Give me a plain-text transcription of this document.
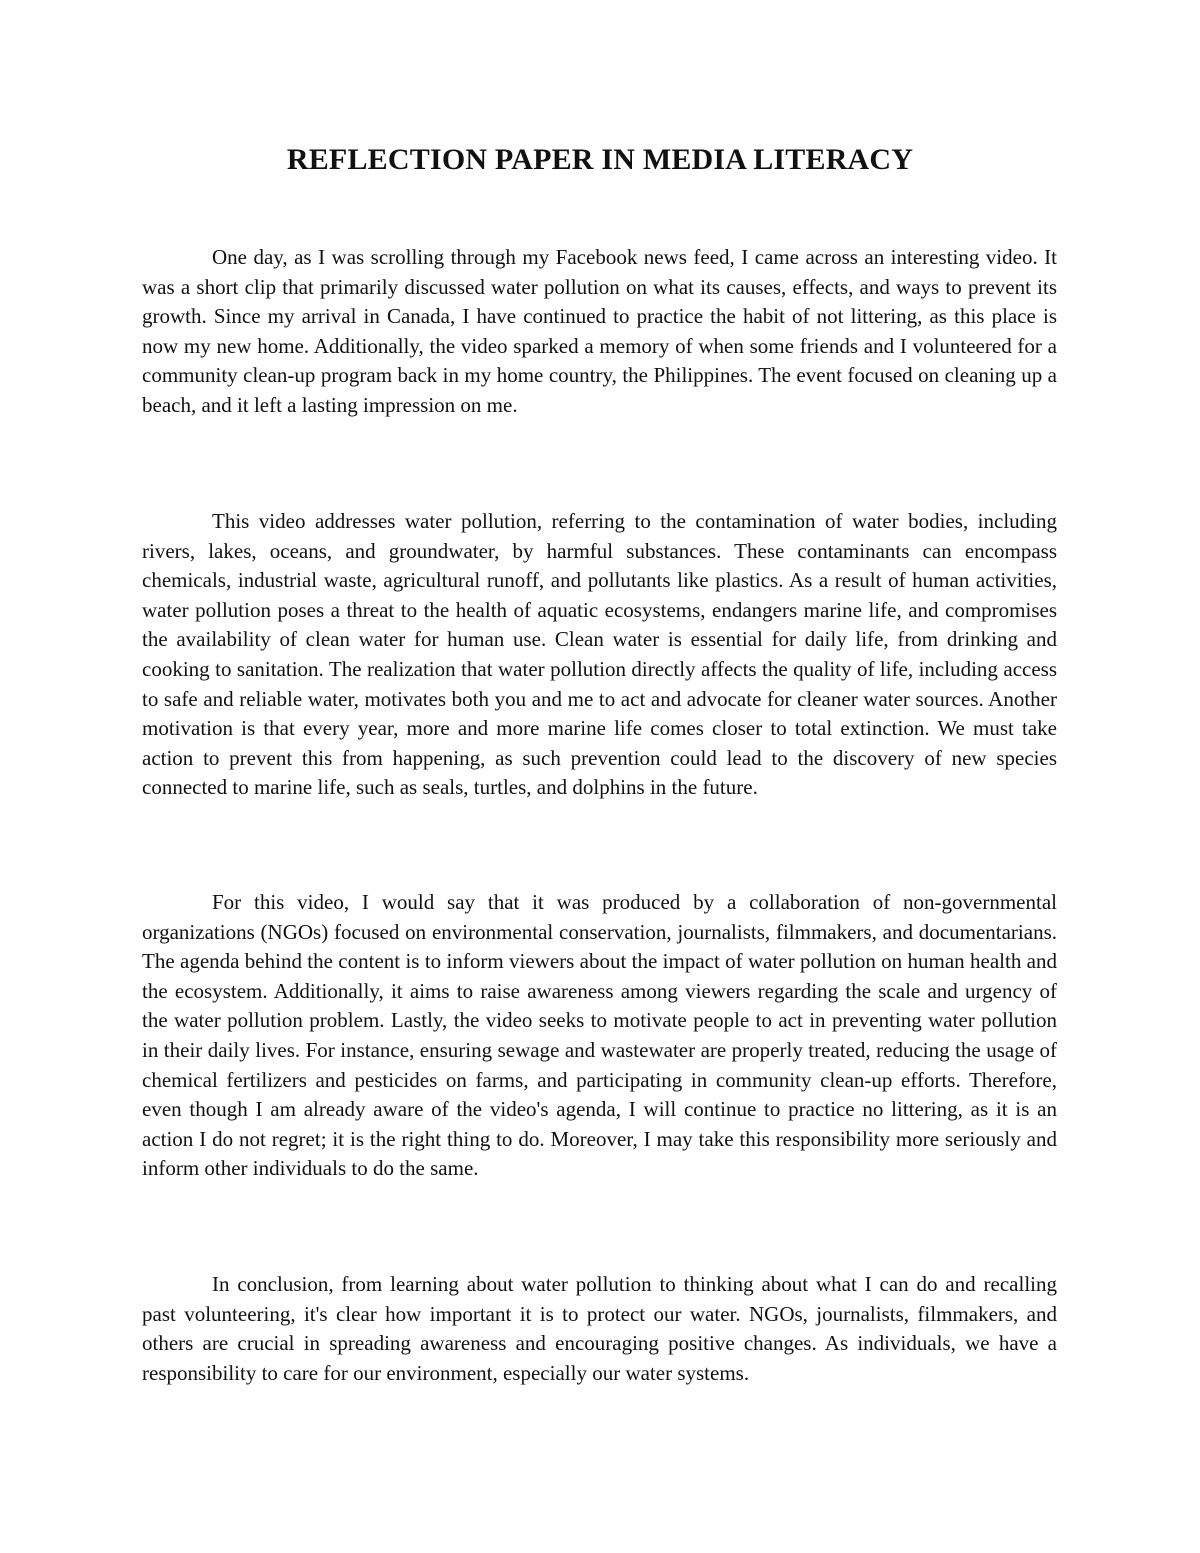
REFLECTION PAPER IN MEDIA LITERACY

One day, as I was scrolling through my Facebook news feed, I came across an interesting video. It was a short clip that primarily discussed water pollution on what its causes, effects, and ways to prevent its growth. Since my arrival in Canada, I have continued to practice the habit of not littering, as this place is now my new home. Additionally, the video sparked a memory of when some friends and I volunteered for a community clean-up program back in my home country, the Philippines. The event focused on cleaning up a beach, and it left a lasting impression on me.

This video addresses water pollution, referring to the contamination of water bodies, including rivers, lakes, oceans, and groundwater, by harmful substances. These contaminants can encompass chemicals, industrial waste, agricultural runoff, and pollutants like plastics. As a result of human activities, water pollution poses a threat to the health of aquatic ecosystems, endangers marine life, and compromises the availability of clean water for human use. Clean water is essential for daily life, from drinking and cooking to sanitation. The realization that water pollution directly affects the quality of life, including access to safe and reliable water, motivates both you and me to act and advocate for cleaner water sources. Another motivation is that every year, more and more marine life comes closer to total extinction. We must take action to prevent this from happening, as such prevention could lead to the discovery of new species connected to marine life, such as seals, turtles, and dolphins in the future.

For this video, I would say that it was produced by a collaboration of non-governmental organizations (NGOs) focused on environmental conservation, journalists, filmmakers, and documentarians. The agenda behind the content is to inform viewers about the impact of water pollution on human health and the ecosystem. Additionally, it aims to raise awareness among viewers regarding the scale and urgency of the water pollution problem. Lastly, the video seeks to motivate people to act in preventing water pollution in their daily lives. For instance, ensuring sewage and wastewater are properly treated, reducing the usage of chemical fertilizers and pesticides on farms, and participating in community clean-up efforts. Therefore, even though I am already aware of the video's agenda, I will continue to practice no littering, as it is an action I do not regret; it is the right thing to do. Moreover, I may take this responsibility more seriously and inform other individuals to do the same.

In conclusion, from learning about water pollution to thinking about what I can do and recalling past volunteering, it's clear how important it is to protect our water. NGOs, journalists, filmmakers, and others are crucial in spreading awareness and encouraging positive changes. As individuals, we have a responsibility to care for our environment, especially our water systems.
